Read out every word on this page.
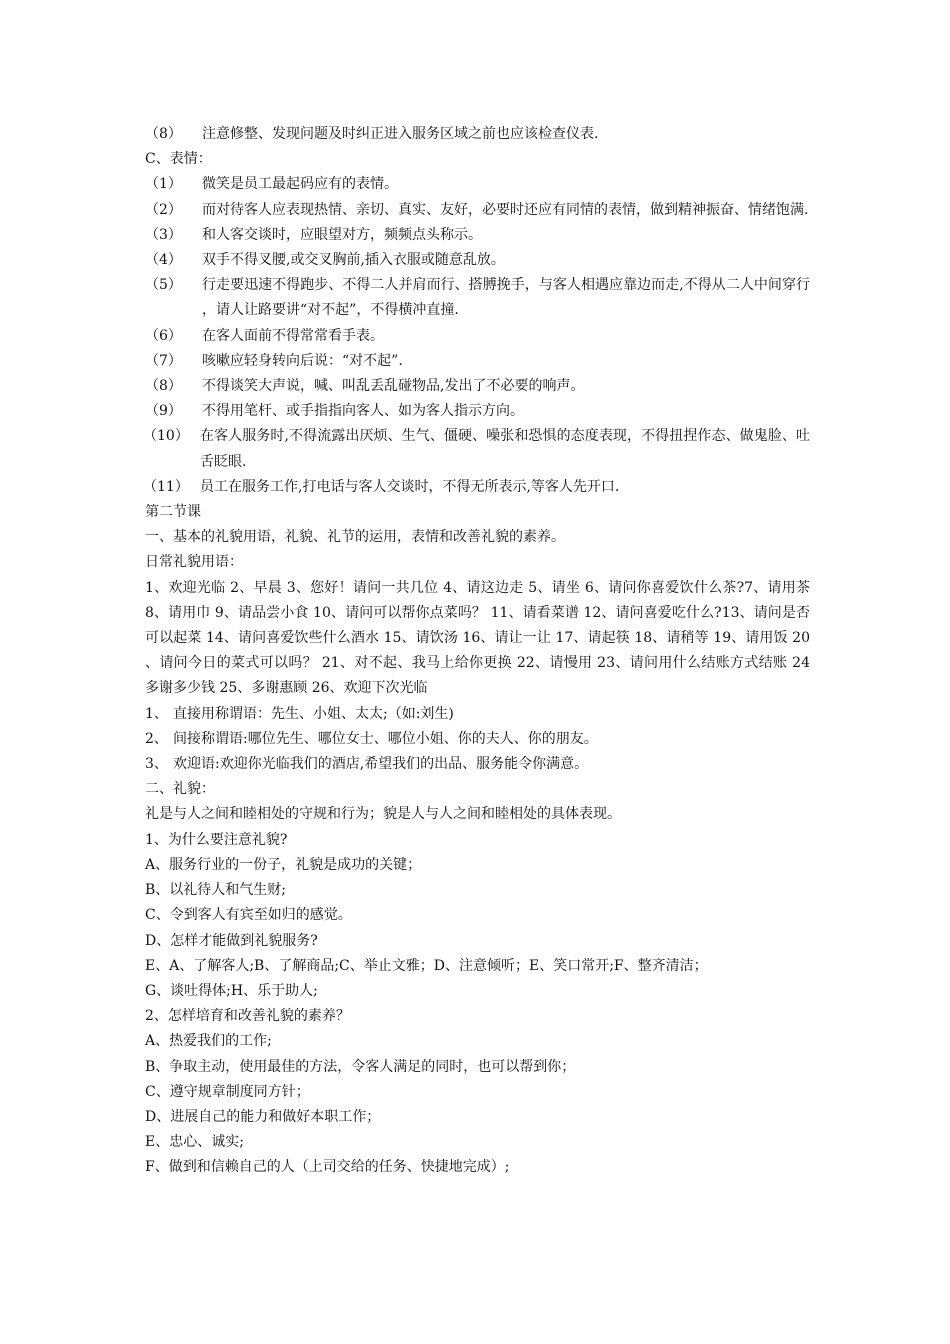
（8）	注意修整、发现问题及时纠正进入服务区域之前也应该检查仪表.
C、表情：
（1）	微笑是员工最起码应有的表情。
（2）	而对待客人应表现热情、亲切、真实、友好，必要时还应有同情的表情，做到精神振奋、情绪饱满.
（3）	和人客交谈时，应眼望对方，频频点头称示。
（4）	双手不得叉腰,或交叉胸前,插入衣服或随意乱放。
（5）	行走要迅速不得跑步、不得二人并肩而行、搭膊挽手，与客人相遇应靠边而走,不得从二人中间穿行，请人让路要讲“对不起”，不得横冲直撞.
（6）	在客人面前不得常常看手表。
（7）	咳嗽应轻身转向后说：“对不起”.
（8）	不得谈笑大声说，喊、叫乱丢乱碰物品,发出了不必要的响声。
（9）	不得用笔杆、或手指指向客人、如为客人指示方向。
（10） 在客人服务时,不得流露出厌烦、生气、僵硬、噪张和恐惧的态度表现，不得扭捏作态、做鬼脸、吐舌眨眼.
（11） 员工在服务工作,打电话与客人交谈时，不得无所表示,等客人先开口.
第二节课
一、基本的礼貌用语，礼貌、礼节的运用，表情和改善礼貌的素养。
日常礼貌用语：
1、欢迎光临 2、早晨 3、您好！请问一共几位 4、请这边走 5、请坐 6、请问你喜爱饮什么茶?7、请用茶 8、请用巾 9、请品尝小食 10、请问可以帮你点菜吗？ 11、请看菜谱 12、请问喜爱吃什么?13、请问是否可以起菜 14、请问喜爱饮些什么酒水 15、请饮汤 16、请让一让 17、请起筷 18、请稍等 19、请用饭 20、请问今日的菜式可以吗？ 21、对不起、我马上给你更换 22、请慢用 23、请问用什么结账方式结账 24 多谢多少钱 25、多谢惠顾 26、欢迎下次光临
1、 直接用称谓语：先生、小姐、太太;（如:刘生)
2、 间接称谓语:哪位先生、哪位女士、哪位小姐、你的夫人、你的朋友。
3、 欢迎语:欢迎你光临我们的酒店,希望我们的出品、服务能令你满意。
二、礼貌：
礼是与人之间和睦相处的守规和行为；貌是人与人之间和睦相处的具体表现。
1、为什么要注意礼貌?
A、服务行业的一份子，礼貌是成功的关键；
B、以礼待人和气生财;
C、令到客人有宾至如归的感觉。
D、怎样才能做到礼貌服务?
E、A、了解客人;B、了解商品;C、举止文雅；D、注意倾听；E、笑口常开;F、整齐清洁；
G、谈吐得体;H、乐于助人;
2、怎样培育和改善礼貌的素养？
A、热爱我们的工作;
B、争取主动，使用最佳的方法，令客人满足的同时，也可以帮到你；
C、遵守规章制度同方针；
D、进展自己的能力和做好本职工作；
E、忠心、诚实;
F、做到和信赖自己的人（上司交给的任务、快捷地完成）;
